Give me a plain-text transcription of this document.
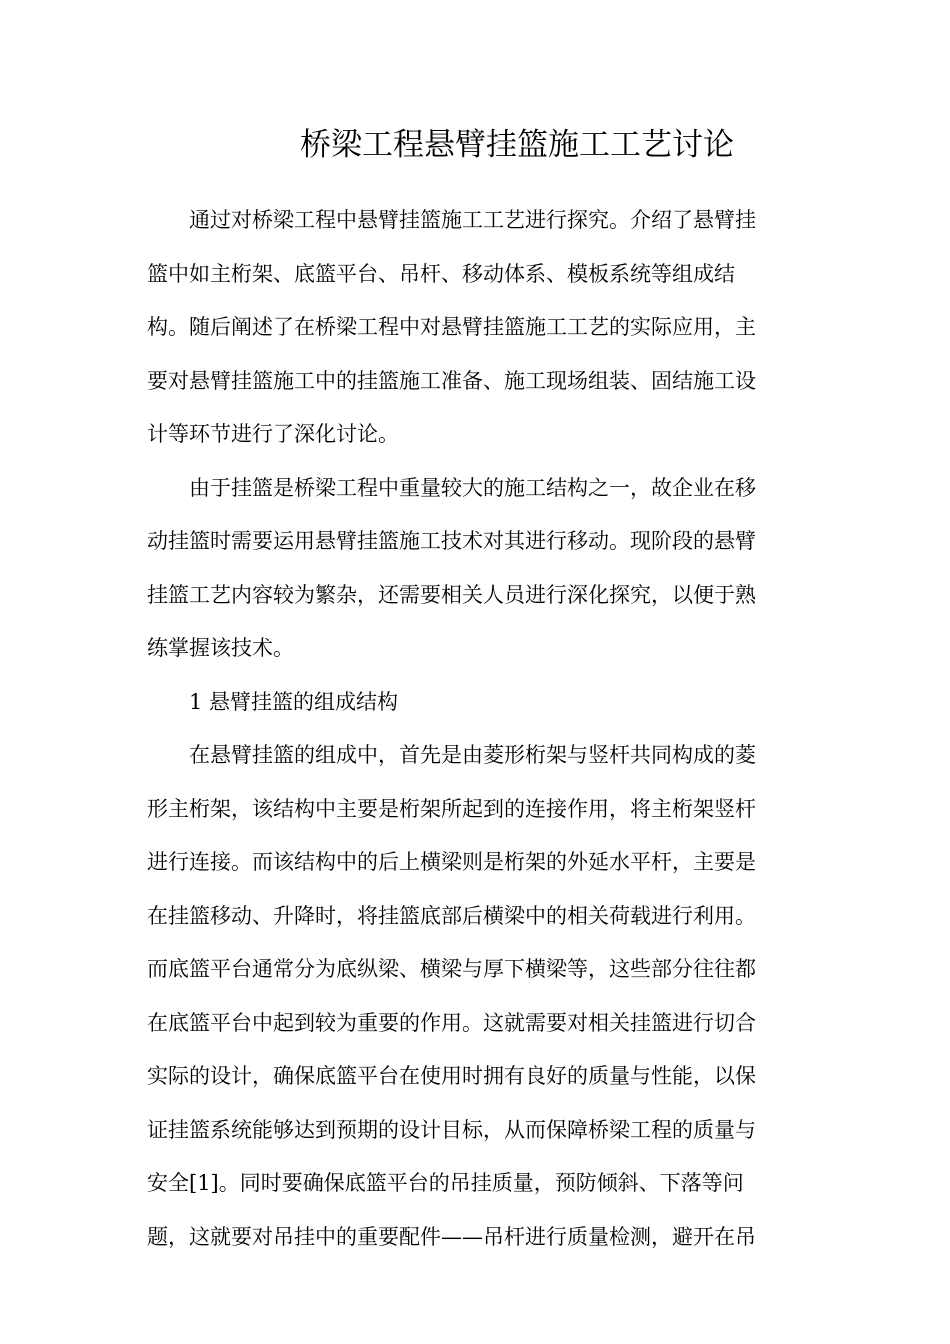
桥梁工程悬臂挂篮施工工艺讨论

通过对桥梁工程中悬臂挂篮施工工艺进行探究。介绍了悬臂挂
篮中如主桁架、底篮平台、吊杆、移动体系、模板系统等组成结
构。随后阐述了在桥梁工程中对悬臂挂篮施工工艺的实际应用，主
要对悬臂挂篮施工中的挂篮施工准备、施工现场组装、固结施工设
计等环节进行了深化讨论。

由于挂篮是桥梁工程中重量较大的施工结构之一，故企业在移
动挂篮时需要运用悬臂挂篮施工技术对其进行移动。现阶段的悬臂
挂篮工艺内容较为繁杂，还需要相关人员进行深化探究，以便于熟
练掌握该技术。

1 悬臂挂篮的组成结构

在悬臂挂篮的组成中，首先是由菱形桁架与竖杆共同构成的菱
形主桁架，该结构中主要是桁架所起到的连接作用，将主桁架竖杆
进行连接。而该结构中的后上横梁则是桁架的外延水平杆，主要是
在挂篮移动、升降时，将挂篮底部后横梁中的相关荷载进行利用。
而底篮平台通常分为底纵梁、横梁与厚下横梁等，这些部分往往都
在底篮平台中起到较为重要的作用。这就需要对相关挂篮进行切合
实际的设计，确保底篮平台在使用时拥有良好的质量与性能，以保
证挂篮系统能够达到预期的设计目标，从而保障桥梁工程的质量与
安全[1]。同时要确保底篮平台的吊挂质量，预防倾斜、下落等问
题，这就要对吊挂中的重要配件——吊杆进行质量检测，避开在吊
